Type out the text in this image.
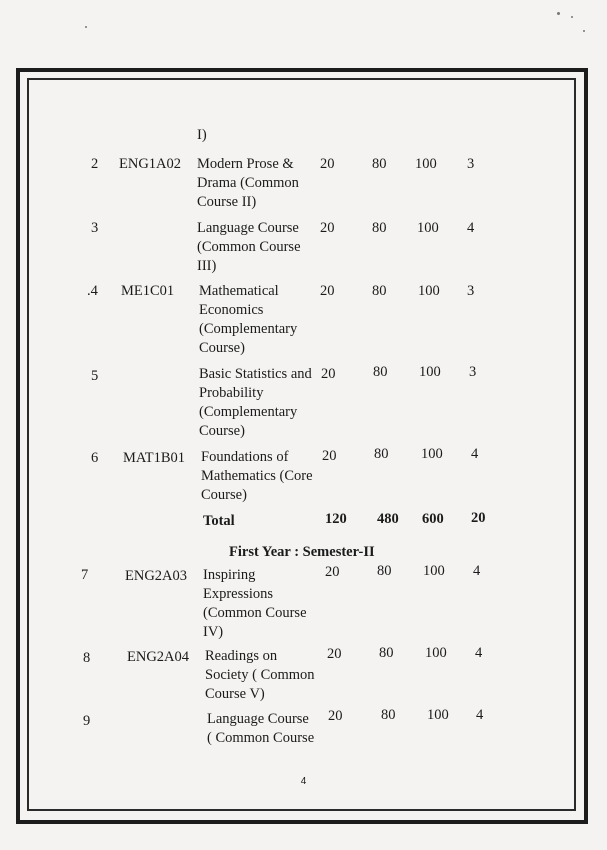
I)
2 ENG1A02 Modern Prose &
Drama (Common
Course II)
20	80 100 3
3	Language Course
(Common Course
III)
20	80 100 4
.4 ME1C01 Mathematical
Economics
(Complementary
Course)
20	80 100 3
5	Basic Statistics and
Probability
(Complementary
Course)
20	80 100 3
6 MAT1B01 Foundations of
Mathematics (Core
Course)
20	80 100 4
Total	120 480 600 20
First Year : Semester-II
7	ENG2A03 Inspiring
Expressions
(Common Course
IV)
20	80 100 4
8	ENG2A04 Readings on
Society ( Common
Course V)
20	80 100 4
9	Language Course
( Common Course
20	80 100 4
4
